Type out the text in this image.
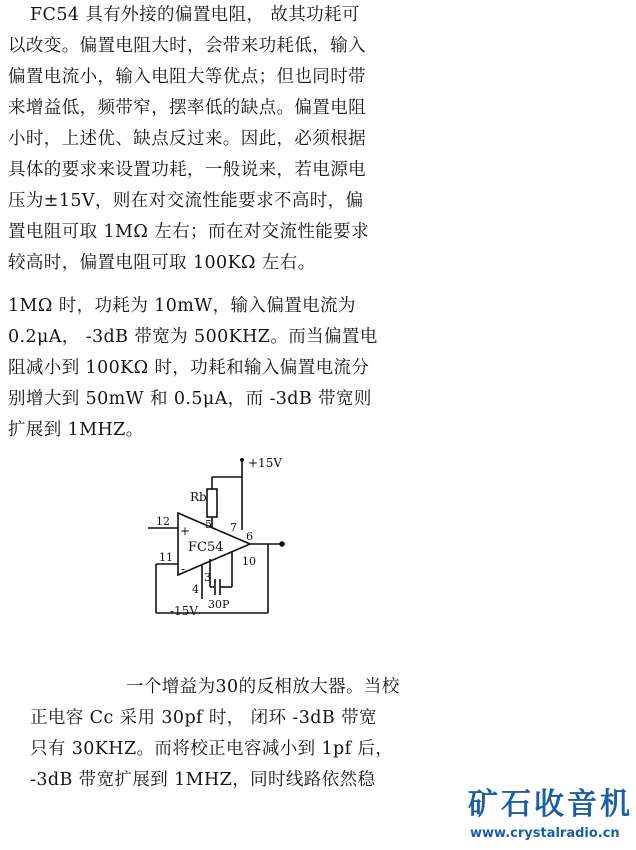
FC54 具有外接的偏置电阻， 故其功耗可
以改变。偏置电阻大时，会带来功耗低，输入
偏置电流小，输入电阻大等优点；但也同时带
来增益低，频带窄，摆率低的缺点。偏置电阻
小时，上述优、缺点反过来。因此，必须根据
具体的要求来设置功耗，一般说来，若电源电
压为±15V，则在对交流性能要求不高时，偏
置电阻可取 1MΩ 左右；而在对交流性能要求
较高时，偏置电阻可取 100KΩ 左右。
1MΩ 时，功耗为 10mW，输入偏置电流为
0.2μA， -3dB 带宽为 500KHZ。而当偏置电
阻减小到 100KΩ 时，功耗和输入偏置电流分
别增大到 50mW 和 0.5μA，而 -3dB 带宽则
扩展到 1MHZ。
+15V
Rb
FC54
+
-
12
11
5 7
6
10
4
3
30P
-15V
一个增益为30的反相放大器。当校
正电容 Cc 采用 30pf 时， 闭环 -3dB 带宽
只有 30KHZ。而将校正电容减小到 1pf 后，
-3dB 带宽扩展到 1MHZ，同时线路依然稳
矿石收音机
www.crystalradio.cn
